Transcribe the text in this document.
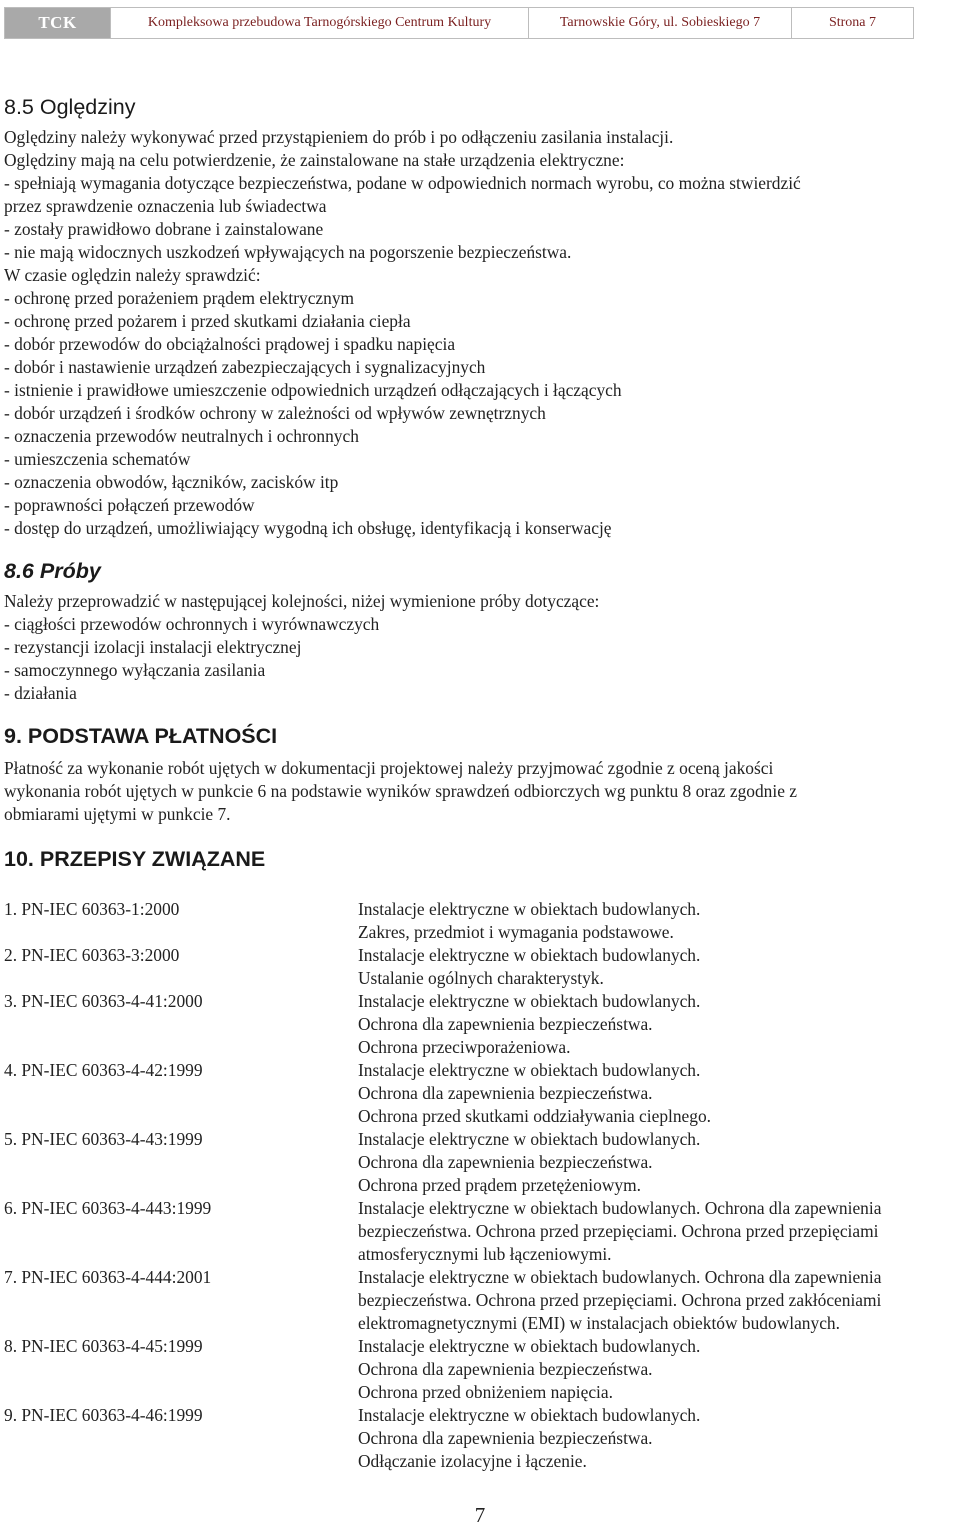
TCK	Kompleksowa przebudowa Tarnogórskiego Centrum Kultury	Tarnowskie Góry, ul. Sobieskiego 7	Strona 7
8.5 Oględziny
Oględziny należy wykonywać przed przystąpieniem do prób i po odłączeniu zasilania instalacji.
Oględziny mają na celu potwierdzenie, że zainstalowane na stałe urządzenia elektryczne:
- spełniają wymagania dotyczące bezpieczeństwa, podane w odpowiednich normach wyrobu, co można stwierdzić
przez sprawdzenie oznaczenia lub świadectwa
- zostały prawidłowo dobrane i zainstalowane
- nie mają widocznych uszkodzeń wpływających na pogorszenie bezpieczeństwa.
W czasie oględzin należy sprawdzić:
- ochronę przed porażeniem prądem elektrycznym
- ochronę przed pożarem i przed skutkami działania ciepła
- dobór przewodów do obciążalności prądowej i spadku napięcia
- dobór i nastawienie urządzeń zabezpieczających i sygnalizacyjnych
- istnienie i prawidłowe umieszczenie odpowiednich urządzeń odłączających i łączących
- dobór urządzeń i środków ochrony w zależności od wpływów zewnętrznych
- oznaczenia przewodów neutralnych i ochronnych
- umieszczenia schematów
- oznaczenia obwodów, łączników, zacisków itp
- poprawności połączeń przewodów
- dostęp do urządzeń, umożliwiający wygodną ich obsługę, identyfikacją i konserwację
8.6 Próby
Należy przeprowadzić w następującej kolejności, niżej wymienione próby dotyczące:
- ciągłości przewodów ochronnych i wyrównawczych
- rezystancji izolacji instalacji elektrycznej
- samoczynnego wyłączania zasilania
- działania
9. PODSTAWA PŁATNOŚCI
Płatność za wykonanie robót ujętych w dokumentacji projektowej należy przyjmować zgodnie z oceną jakości
wykonania robót ujętych w punkcie 6 na podstawie wyników sprawdzeń odbiorczych wg punktu 8 oraz zgodnie z
obmiarami ujętymi w punkcie 7.
10. PRZEPISY ZWIĄZANE
1. PN-IEC 60363-1:2000	Instalacje elektryczne w obiektach budowlanych.
Zakres, przedmiot i wymagania podstawowe.

2. PN-IEC 60363-3:2000	Instalacje elektryczne w obiektach budowlanych.
Ustalanie ogólnych charakterystyk.

3. PN-IEC 60363-4-41:2000	Instalacje elektryczne w obiektach budowlanych.
Ochrona dla zapewnienia bezpieczeństwa.
Ochrona przeciwporażeniowa.

4. PN-IEC 60363-4-42:1999	Instalacje elektryczne w obiektach budowlanych.
Ochrona dla zapewnienia bezpieczeństwa.
Ochrona przed skutkami oddziaływania cieplnego.

5. PN-IEC 60363-4-43:1999	Instalacje elektryczne w obiektach budowlanych.
Ochrona dla zapewnienia bezpieczeństwa.
Ochrona przed prądem przetężeniowym.

6. PN-IEC 60363-4-443:1999	Instalacje elektryczne w obiektach budowlanych. Ochrona dla zapewnienia
bezpieczeństwa. Ochrona przed przepięciami. Ochrona przed przepięciami
atmosferycznymi lub łączeniowymi.

7. PN-IEC 60363-4-444:2001	Instalacje elektryczne w obiektach budowlanych. Ochrona dla zapewnienia
bezpieczeństwa. Ochrona przed przepięciami. Ochrona przed zakłóceniami
elektromagnetycznymi (EMI) w instalacjach obiektów budowlanych.

8. PN-IEC 60363-4-45:1999	Instalacje elektryczne w obiektach budowlanych.
Ochrona dla zapewnienia bezpieczeństwa.
Ochrona przed obniżeniem napięcia.

9. PN-IEC 60363-4-46:1999	Instalacje elektryczne w obiektach budowlanych.
Ochrona dla zapewnienia bezpieczeństwa.
Odłączanie izolacyjne i łączenie.
7
